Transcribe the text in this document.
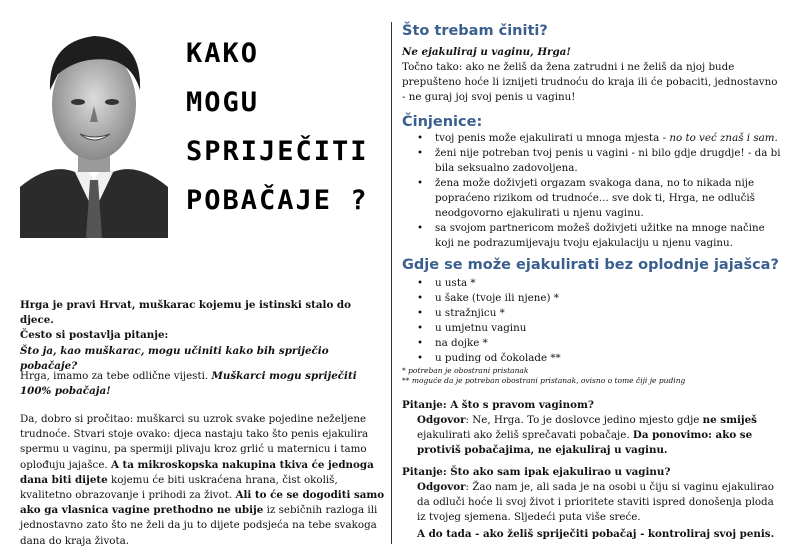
KAKO
MOGU
SPRIJEČITI
POBAČAJE ?
Hrga je pravi Hrvat, muškarac kojemu je istinski stalo do djece.
Često si postavlja pitanje:
Što ja, kao muškarac, mogu učiniti kako bih spriječio pobačaje?
Hrga, imamo za tebe odlične vijesti. Muškarci mogu spriječiti 100% pobačaja!
Da, dobro si pročitao: muškarci su uzrok svake pojedine neželjene trudnoće. Stvari stoje ovako: djeca nastaju tako što penis ejakulira spermu u vaginu, pa spermiji plivaju kroz grlić u maternicu i tamo oplođuju jajašce. A ta mikroskopska nakupina tkiva će jednoga dana biti dijete kojemu će biti uskraćena hrana, čist okoliš, kvalitetno obrazovanje i prihodi za život. Ali to će se dogoditi samo ako ga vlasnica vagine prethodno ne ubije iz sebičnih razloga ili jednostavno zato što ne želi da ju to dijete podsjeća na tebe svakoga dana do kraja života.
Što trebam činiti?
Ne ejakuliraj u vaginu, Hrga!
Točno tako: ako ne želiš da žena zatrudni i ne želiš da njoj bude prepušteno hoće li iznijeti trudnoću do kraja ili će pobaciti, jednostavno - ne guraj joj svoj penis u vaginu!
Činjenice:
• tvoj penis može ejakulirati u mnoga mjesta - no to već znaš i sam.
• ženi nije potreban tvoj penis u vagini - ni bilo gdje drugdje! - da bi bila seksualno zadovoljena.
• žena može doživjeti orgazam svakoga dana, no to nikada nije popraćeno rizikom od trudnoće... sve dok ti, Hrga, ne odlučiš neodgovorno ejakulirati u njenu vaginu.
• sa svojom partnericom možeš doživjeti užitke na mnoge načine koji ne podrazumijevaju tvoju ejakulaciju u njenu vaginu.
Gdje se može ejakulirati bez oplodnje jajašca?
• u usta *
• u šake (tvoje ili njene) *
• u stražnjicu *
• u umjetnu vaginu
• na dojke *
• u puding od čokolade **
* potreban je obostrani pristanak
** moguće da je potreban obostrani pristanak, ovisno o tome čiji je puding
Pitanje: A što s pravom vaginom?
Odgovor: Ne, Hrga. To je doslovce jedino mjesto gdje ne smiješ ejakulirati ako želiš sprečavati pobačaje. Da ponovimo: ako se protiviš pobačajima, ne ejakuliraj u vaginu.
Pitanje: Što ako sam ipak ejakulirao u vaginu?
Odgovor: Žao nam je, ali sada je na osobi u čiju si vaginu ejakulirao da odluči hoće li svoj život i prioritete staviti ispred donošenja ploda iz tvojeg sjemena. Sljedeći puta više sreće.
A do tada - ako želiš spriječiti pobačaj - kontroliraj svoj penis.
